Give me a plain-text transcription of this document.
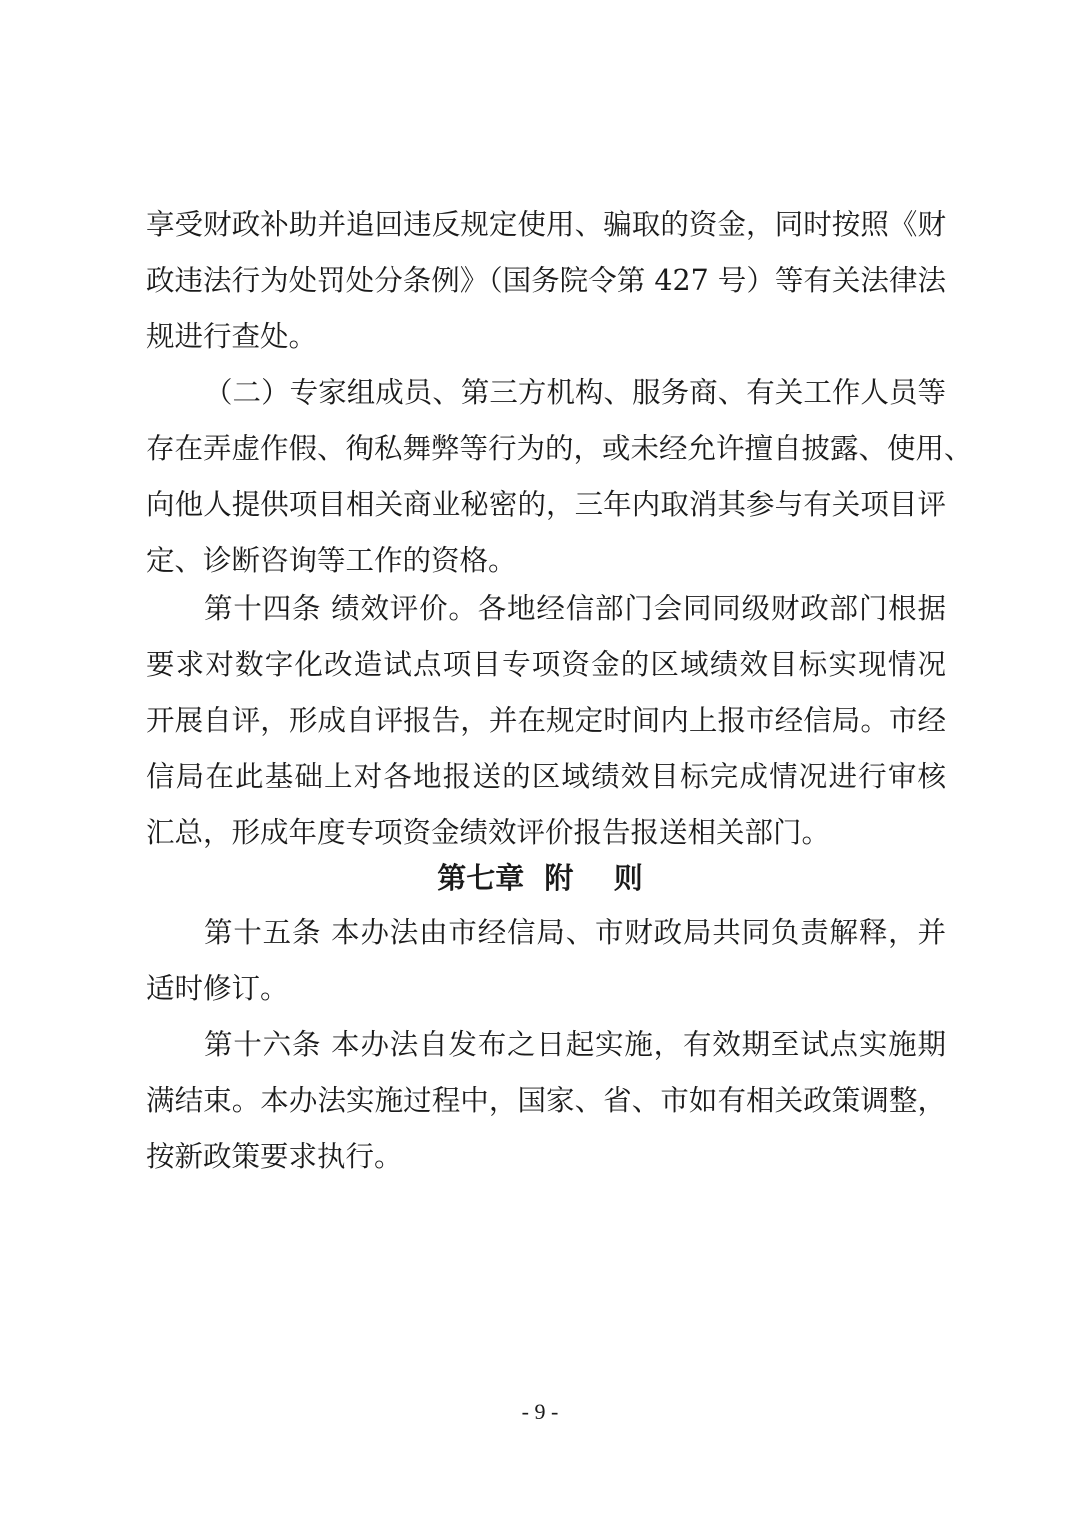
享受财政补助并追回违反规定使用、骗取的资金，同时按照《财
政违法行为处罚处分条例》（国务院令第 427 号）等有关法律法
规进行查处。
（二）专家组成员、第三方机构、服务商、有关工作人员等
存在弄虚作假、徇私舞弊等行为的，或未经允许擅自披露、使用、
向他人提供项目相关商业秘密的，三年内取消其参与有关项目评
定、诊断咨询等工作的资格。
第十四条 绩效评价。各地经信部门会同同级财政部门根据
要求对数字化改造试点项目专项资金的区域绩效目标实现情况
开展自评，形成自评报告，并在规定时间内上报市经信局。市经
信局在此基础上对各地报送的区域绩效目标完成情况进行审核
汇总，形成年度专项资金绩效评价报告报送相关部门。
第七章  附    则
第十五条 本办法由市经信局、市财政局共同负责解释，并
适时修订。
第十六条 本办法自发布之日起实施，有效期至试点实施期
满结束。本办法实施过程中，国家、省、市如有相关政策调整，
按新政策要求执行。
- 9 -
